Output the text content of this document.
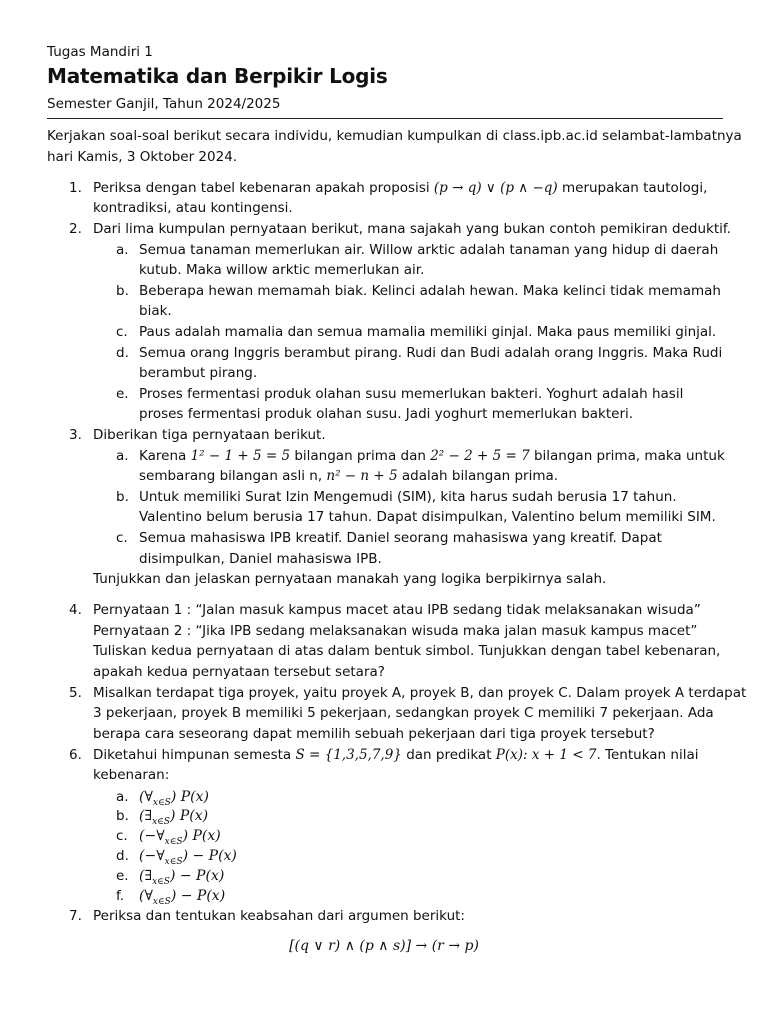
Tugas Mandiri 1
Matematika dan Berpikir Logis
Semester Ganjil, Tahun 2024/2025
Kerjakan soal-soal berikut secara individu, kemudian kumpulkan di class.ipb.ac.id selambat-lambatnya
hari Kamis, 3 Oktober 2024.
1. Periksa dengan tabel kebenaran apakah proposisi (p → q) ∨ (p ∧ −q) merupakan tautologi,
kontradiksi, atau kontingensi.
2. Dari lima kumpulan pernyataan berikut, mana sajakah yang bukan contoh pemikiran deduktif.
a. Semua tanaman memerlukan air. Willow arktic adalah tanaman yang hidup di daerah
kutub. Maka willow arktic memerlukan air.
b. Beberapa hewan memamah biak. Kelinci adalah hewan. Maka kelinci tidak memamah
biak.
c. Paus adalah mamalia dan semua mamalia memiliki ginjal. Maka paus memiliki ginjal.
d. Semua orang Inggris berambut pirang. Rudi dan Budi adalah orang Inggris. Maka Rudi
berambut pirang.
e. Proses fermentasi produk olahan susu memerlukan bakteri. Yoghurt adalah hasil
proses fermentasi produk olahan susu. Jadi yoghurt memerlukan bakteri.
3. Diberikan tiga pernyataan berikut.
a. Karena 1² − 1 + 5 = 5 bilangan prima dan 2² − 2 + 5 = 7 bilangan prima, maka untuk
sembarang bilangan asli n, n² − n + 5 adalah bilangan prima.
b. Untuk memiliki Surat Izin Mengemudi (SIM), kita harus sudah berusia 17 tahun.
Valentino belum berusia 17 tahun. Dapat disimpulkan, Valentino belum memiliki SIM.
c. Semua mahasiswa IPB kreatif. Daniel seorang mahasiswa yang kreatif. Dapat
disimpulkan, Daniel mahasiswa IPB.
Tunjukkan dan jelaskan pernyataan manakah yang logika berpikirnya salah.
4. Pernyataan 1 : “Jalan masuk kampus macet atau IPB sedang tidak melaksanakan wisuda”
Pernyataan 2 : “Jika IPB sedang melaksanakan wisuda maka jalan masuk kampus macet”
Tuliskan kedua pernyataan di atas dalam bentuk simbol. Tunjukkan dengan tabel kebenaran,
apakah kedua pernyataan tersebut setara?
5. Misalkan terdapat tiga proyek, yaitu proyek A, proyek B, dan proyek C. Dalam proyek A terdapat
3 pekerjaan, proyek B memiliki 5 pekerjaan, sedangkan proyek C memiliki 7 pekerjaan. Ada
berapa cara seseorang dapat memilih sebuah pekerjaan dari tiga proyek tersebut?
6. Diketahui himpunan semesta S = {1,3,5,7,9} dan predikat P(x): x + 1 < 7. Tentukan nilai
kebenaran:
a. $(\forall_{x\in S})$ P(x)
b. $(\exists_{x\in S})$ P(x)
c. $(-\forall_{x\in S})$ P(x)
d. $(-\forall_{x\in S}) - P(x)$
e. $(\exists_{x\in S}) - P(x)$
f. $(\forall_{x\in S}) - P(x)$
7. Periksa dan tentukan keabsahan dari argumen berikut:
[(q ∨ r) ∧ (p ∧ s)] → (r → p)
